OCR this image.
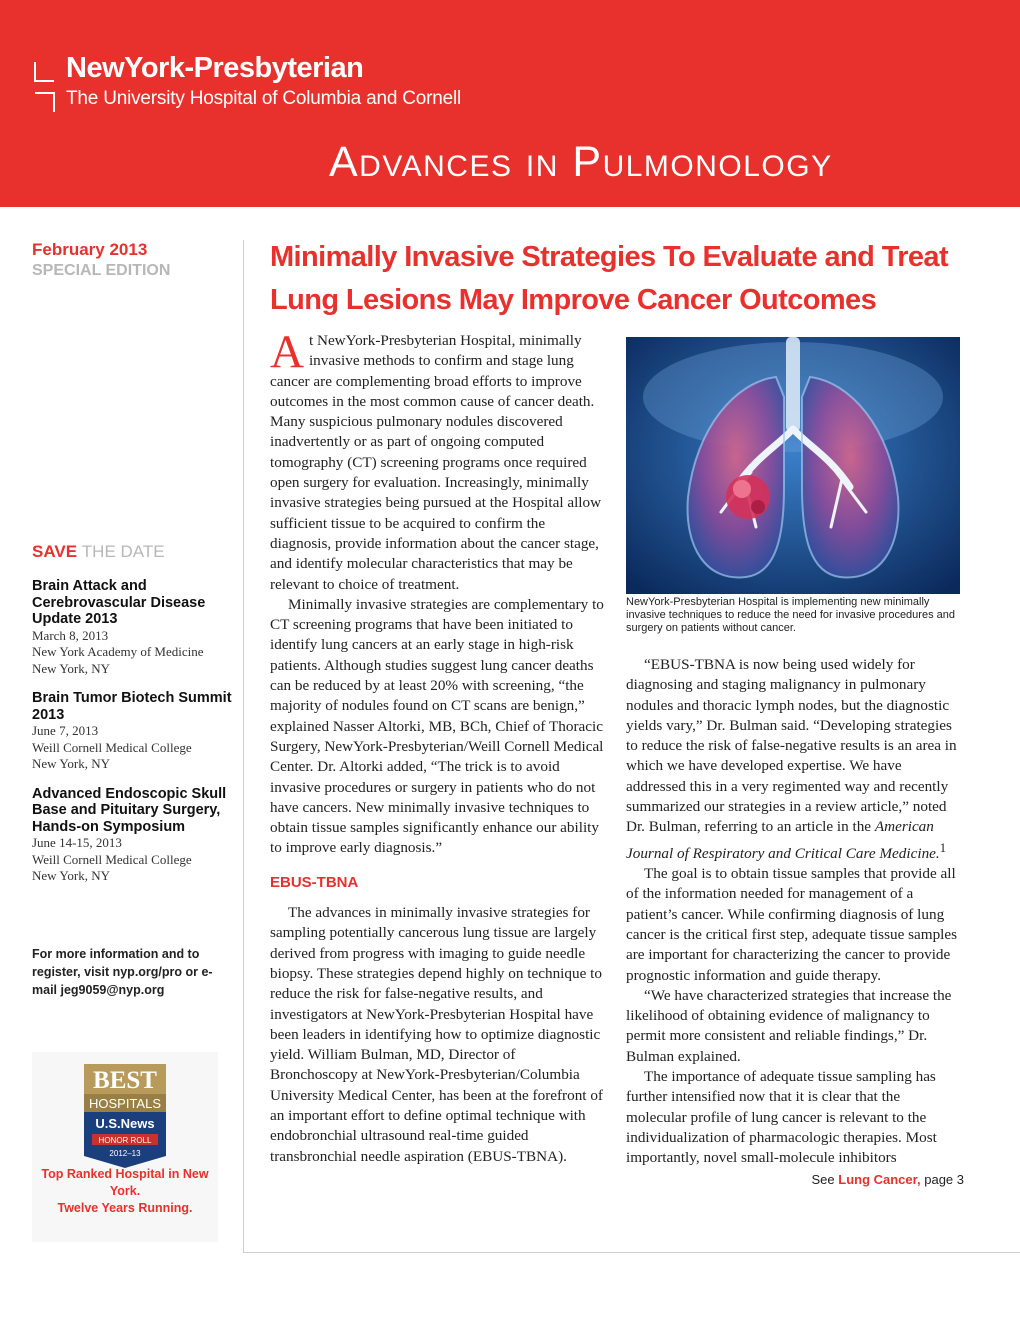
NewYork-Presbyterian
The University Hospital of Columbia and Cornell
Advances in Pulmonology
February 2013
SPECIAL EDITION
SAVE THE DATE
Brain Attack and Cerebrovascular Disease Update 2013
March 8, 2013
New York Academy of Medicine
New York, NY
Brain Tumor Biotech Summit 2013
June 7, 2013
Weill Cornell Medical College
New York, NY
Advanced Endoscopic Skull Base and Pituitary Surgery, Hands-on Symposium
June 14-15, 2013
Weill Cornell Medical College
New York, NY
For more information and to register, visit nyp.org/pro or e-mail jeg9059@nyp.org
BEST
HOSPITALS
U.S.News
HONOR ROLL
2012–13
Top Ranked Hospital in New York.
Twelve Years Running.
Minimally Invasive Strategies To Evaluate and Treat Lung Lesions May Improve Cancer Outcomes

At NewYork-Presbyterian Hospital, minimally invasive methods to confirm and stage lung cancer are complementing broad efforts to improve outcomes in the most common cause of cancer death. Many suspicious pulmonary nodules discovered inadvertently or as part of ongoing computed tomography (CT) screening programs once required open surgery for evaluation. Increasingly, minimally invasive strategies being pursued at the Hospital allow sufficient tissue to be acquired to confirm the diagnosis, provide information about the cancer stage, and identify molecular characteristics that may be relevant to choice of treatment.

Minimally invasive strategies are complementary to CT screening programs that have been initiated to identify lung cancers at an early stage in high-risk patients. Although studies suggest lung cancer deaths can be reduced by at least 20% with screening, “the majority of nodules found on CT scans are benign,” explained Nasser Altorki, MB, BCh, Chief of Thoracic Surgery, NewYork-Presbyterian/Weill Cornell Medical Center. Dr. Altorki added, “The trick is to avoid invasive procedures or surgery in patients who do not have cancers. New minimally invasive techniques to obtain tissue samples significantly enhance our ability to improve early diagnosis.”

EBUS-TBNA

The advances in minimally invasive strategies for sampling potentially cancerous lung tissue are largely derived from progress with imaging to guide needle biopsy. These strategies depend highly on technique to reduce the risk for false-negative results, and investigators at NewYork-Presbyterian Hospital have been leaders in identifying how to optimize diagnostic yield. William Bulman, MD, Director of Bronchoscopy at NewYork-Presbyterian/Columbia University Medical Center, has been at the forefront of an important effort to define optimal technique with endobronchial ultrasound real-time guided transbronchial needle aspiration (EBUS-TBNA).

NewYork-Presbyterian Hospital is implementing new minimally invasive techniques to reduce the need for invasive procedures and surgery on patients without cancer.

“EBUS-TBNA is now being used widely for diagnosing and staging malignancy in pulmonary nodules and thoracic lymph nodes, but the diagnostic yields vary,” Dr. Bulman said. “Developing strategies to reduce the risk of false-negative results is an area in which we have developed expertise. We have addressed this in a very regimented way and recently summarized our strategies in a review article,” noted Dr. Bulman, referring to an article in the American Journal of Respiratory and Critical Care Medicine.$^1$

The goal is to obtain tissue samples that provide all of the information needed for management of a patient’s cancer. While confirming diagnosis of lung cancer is the critical first step, adequate tissue samples are important for characterizing the cancer to provide prognostic information and guide therapy.

“We have characterized strategies that increase the likelihood of obtaining evidence of malignancy to permit more consistent and reliable findings,” Dr. Bulman explained.

The importance of adequate tissue sampling has further intensified now that it is clear that the molecular profile of lung cancer is relevant to the individualization of pharmacologic therapies. Most importantly, novel small-molecule inhibitors

See Lung Cancer, page 3
